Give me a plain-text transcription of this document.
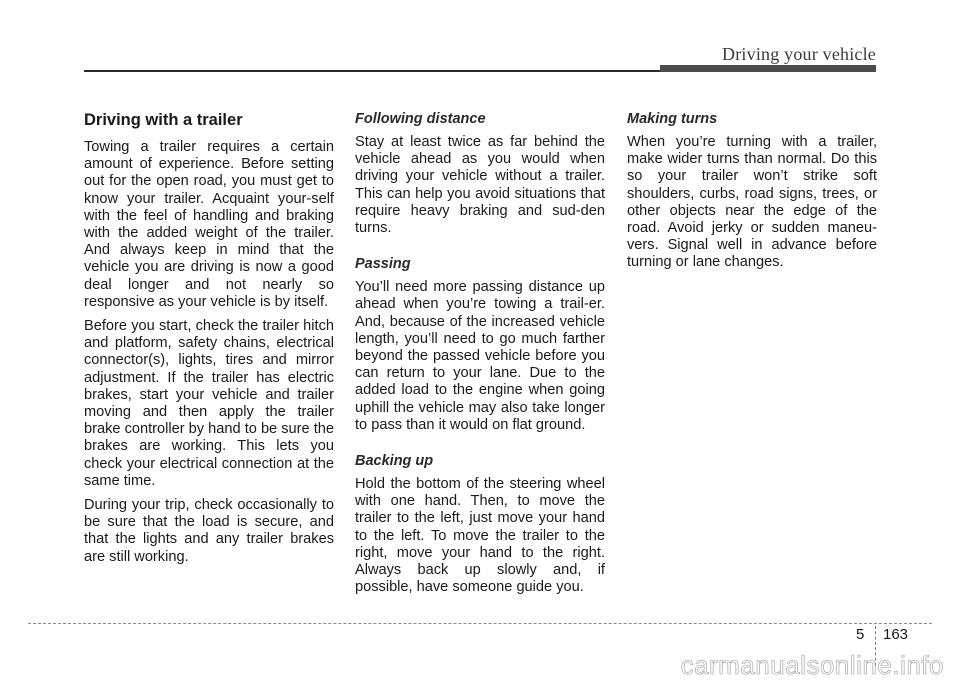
Driving your vehicle
Driving with a trailer

Towing a trailer requires a certain amount of experience. Before setting out for the open road, you must get to know your trailer. Acquaint your-self with the feel of handling and braking with the added weight of the trailer. And always keep in mind that the vehicle you are driving is now a good deal longer and not nearly so responsive as your vehicle is by itself.

Before you start, check the trailer hitch and platform, safety chains, electrical connector(s), lights, tires and mirror adjustment. If the trailer has electric brakes, start your vehicle and trailer moving and then apply the trailer brake controller by hand to be sure the brakes are working. This lets you check your electrical connection at the same time.

During your trip, check occasionally to be sure that the load is secure, and that the lights and any trailer brakes are still working.

Following distance

Stay at least twice as far behind the vehicle ahead as you would when driving your vehicle without a trailer. This can help you avoid situations that require heavy braking and sud-den turns.

Passing

You’ll need more passing distance up ahead when you’re towing a trail-er. And, because of the increased vehicle length, you’ll need to go much farther beyond the passed vehicle before you can return to your lane. Due to the added load to the engine when going uphill the vehicle may also take longer to pass than it would on flat ground.

Backing up

Hold the bottom of the steering wheel with one hand. Then, to move the trailer to the left, just move your hand to the left. To move the trailer to the right, move your hand to the right. Always back up slowly and, if possible, have someone guide you.

Making turns

When you’re turning with a trailer, make wider turns than normal. Do this so your trailer won’t strike soft shoulders, curbs, road signs, trees, or other objects near the edge of the road. Avoid jerky or sudden maneu-vers. Signal well in advance before turning or lane changes.

5 163
carmanualsonline.info
